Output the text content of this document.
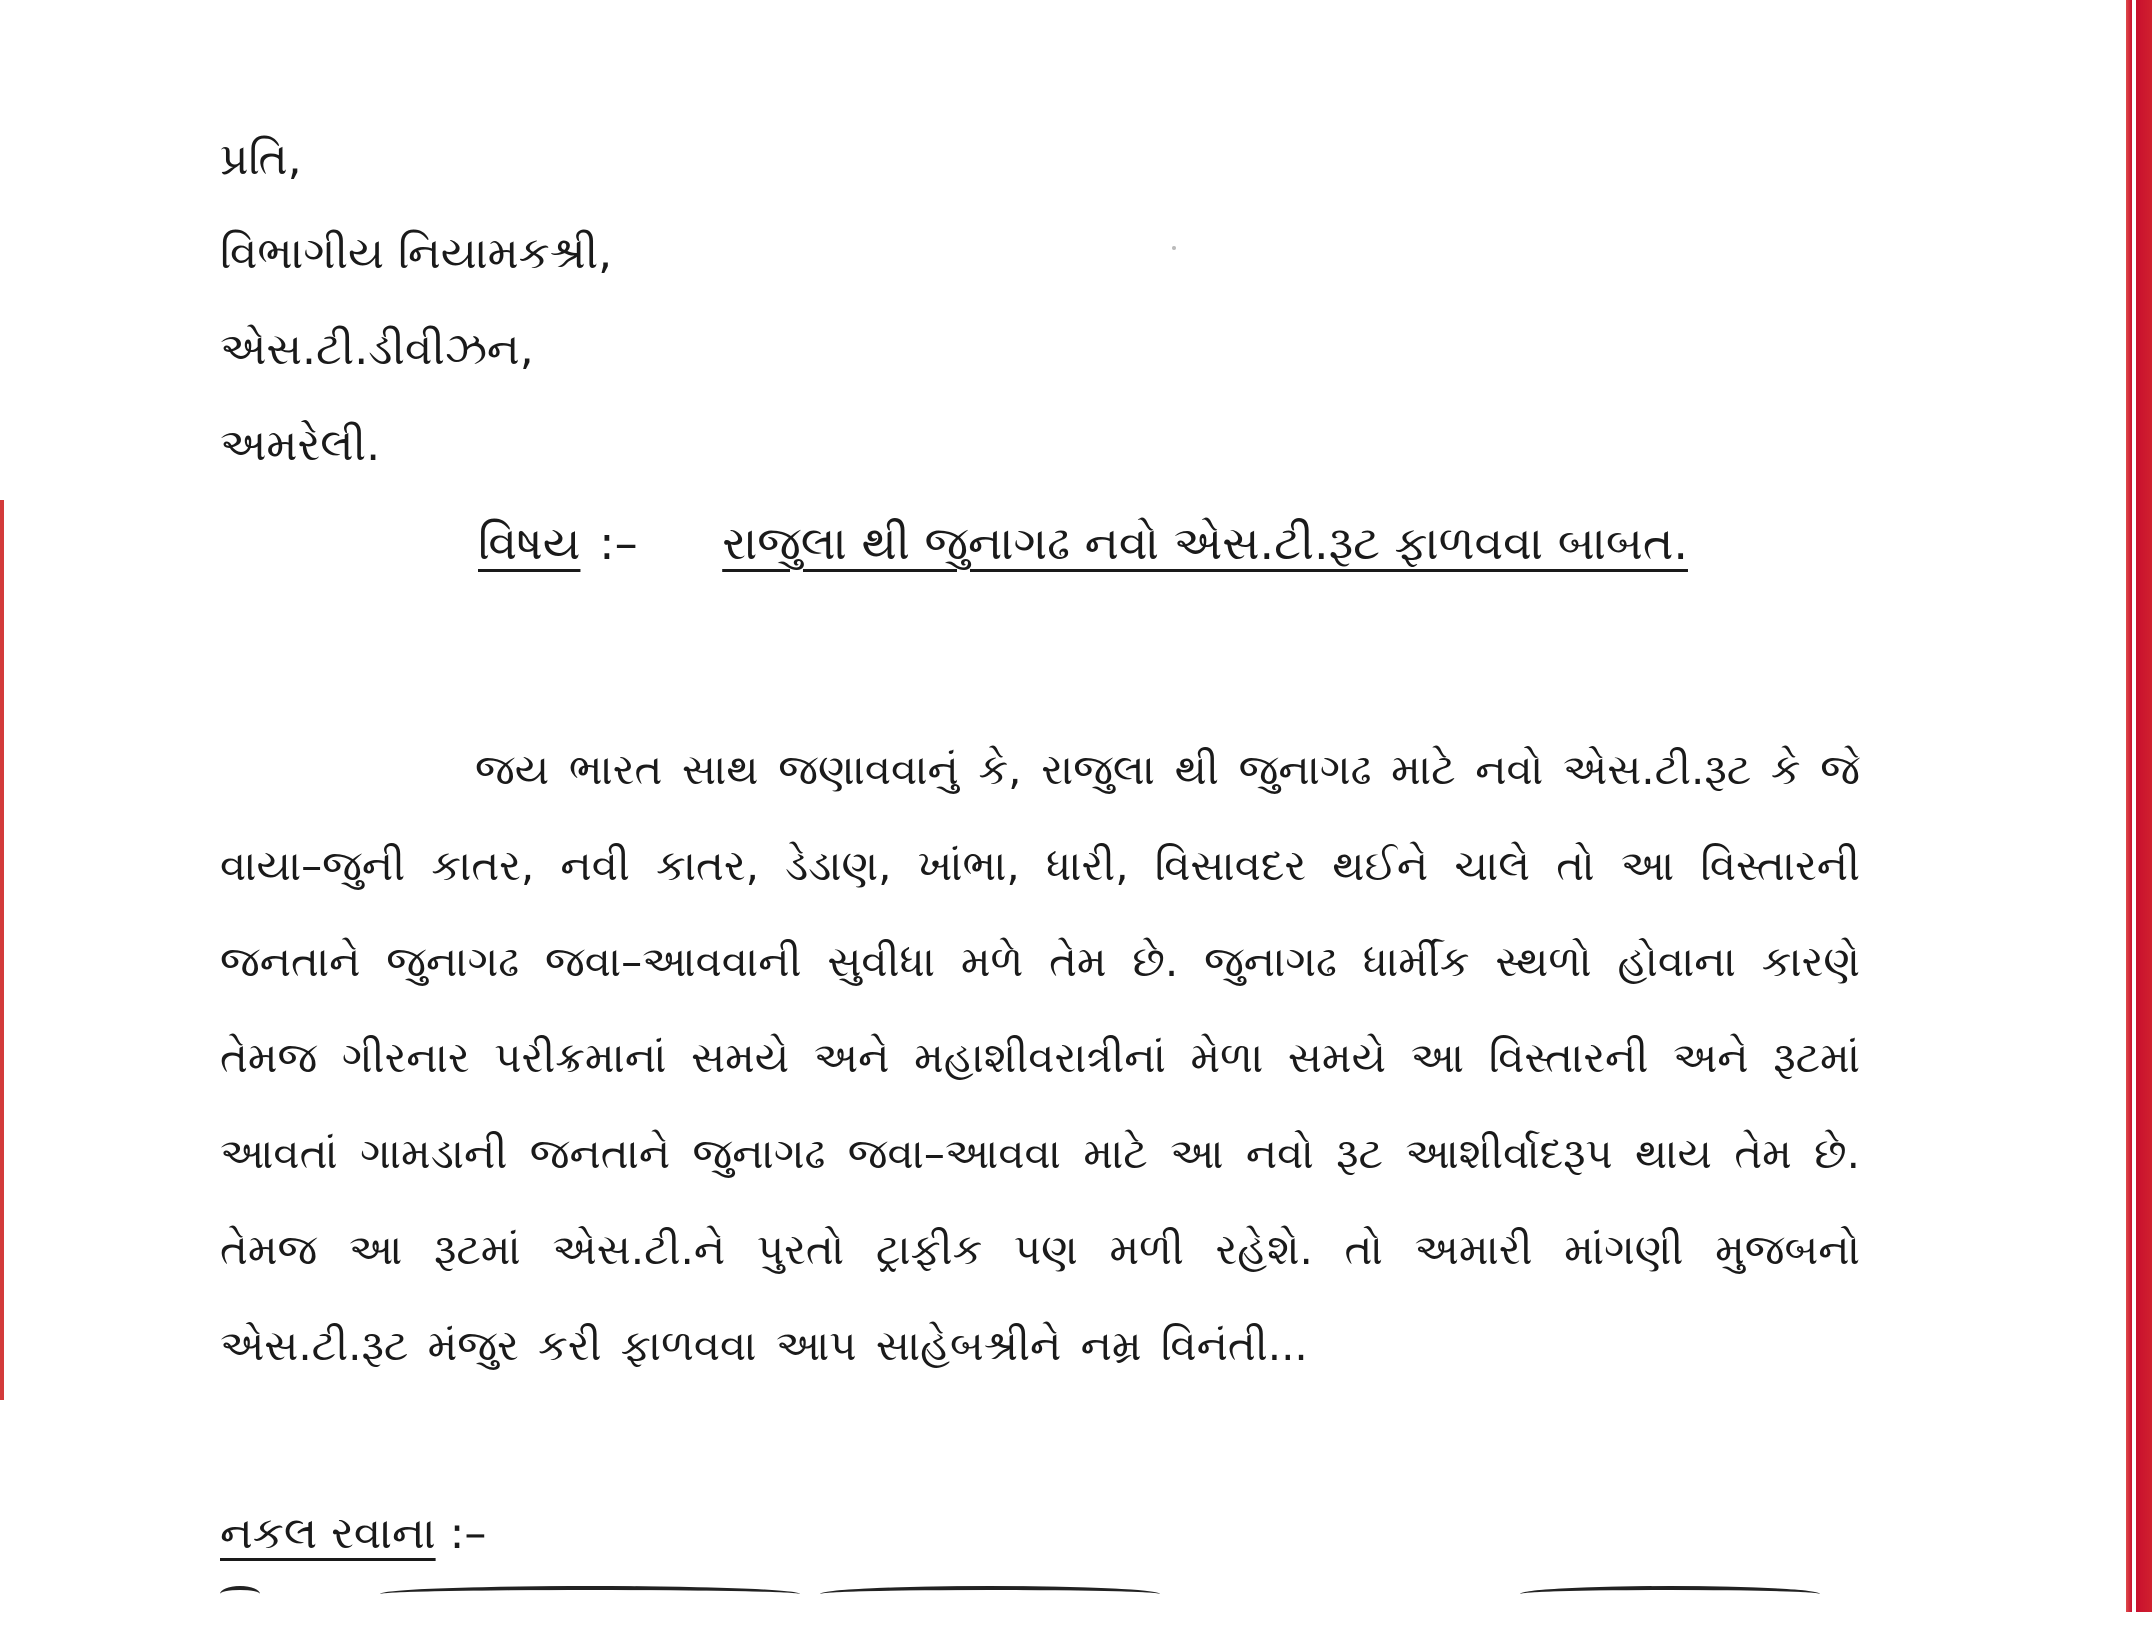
પ્રતિ,
વિભાગીય નિયામકશ્રી,
એસ.ટી.ડીવીઝન,
અમરેલી.
વિષય :– રાજુલા થી જુનાગઢ નવો એસ.ટી.રૂટ ફાળવવા બાબત.
જય ભારત સાથ જણાવવાનું કે, રાજુલા થી જુનાગઢ માટે નવો એસ.ટી.રૂટ કે જે વાયા–જુની કાતર, નવી કાતર, ડેડાણ, ખાંભા, ધારી, વિસાવદર થઈને ચાલે તો આ વિસ્તારની જનતાને જુનાગઢ જવા–આવવાની સુવીધા મળે તેમ છે. જુનાગઢ ધાર્મીક સ્થળો હોવાના કારણે તેમજ ગીરનાર પરીક્રમાનાં સમયે અને મહાશીવરાત્રીનાં મેળા સમયે આ વિસ્તારની અને રૂટમાં આવતાં ગામડાની જનતાને જુનાગઢ જવા–આવવા માટે આ નવો રૂટ આશીર્વાદરૂપ થાય તેમ છે. તેમજ આ રૂટમાં એસ.ટી.ને પુરતો ટ્રાફીક પણ મળી રહેશે. તો અમારી માંગણી મુજબનો એસ.ટી.રૂટ મંજુર કરી ફાળવવા આપ સાહેબશ્રીને નમ્ર વિનંતી...
નકલ રવાના :–
